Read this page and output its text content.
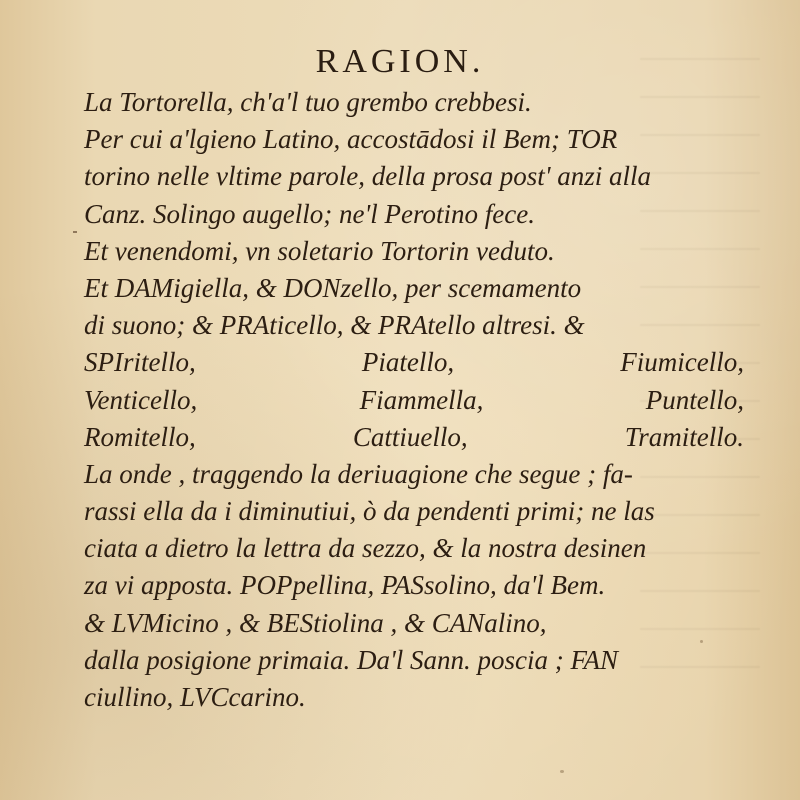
RAGION.
La Tortorella, ch'a'l tuo grembo crebbesi.
Per cui a'lgieno Latino, accostādosi il Bem; TOR
torino nelle vltime parole, della prosa post' anzi alla
Canz. Solingo augello; ne'l Perotino fece.
Et venendomi, vn soletario Tortorin veduto.
Et DAMigiella, & DONzello, per scemamento
di suono; & PRAticello, & PRAtello altresi. &
SPIritello,	Piatello,	Fiumicello,
Venticello,	Fiammella,	Puntello,
Romitello,	Cattiuello,	Tramitello.
La onde , traggendo la deriuagione che segue ; fa-
rassi ella da i diminutiui, ò da pendenti primi; ne las
ciata a dietro la lettra da sezzo, & la nostra desinen
za vi apposta. POPpellina, PASsolino, da'l Bem.
& LVMicino , & BEStiolina , & CANalino,
dalla posigione primaia. Da'l Sann. poscia ; FAN
ciullino, LVCcarino.
